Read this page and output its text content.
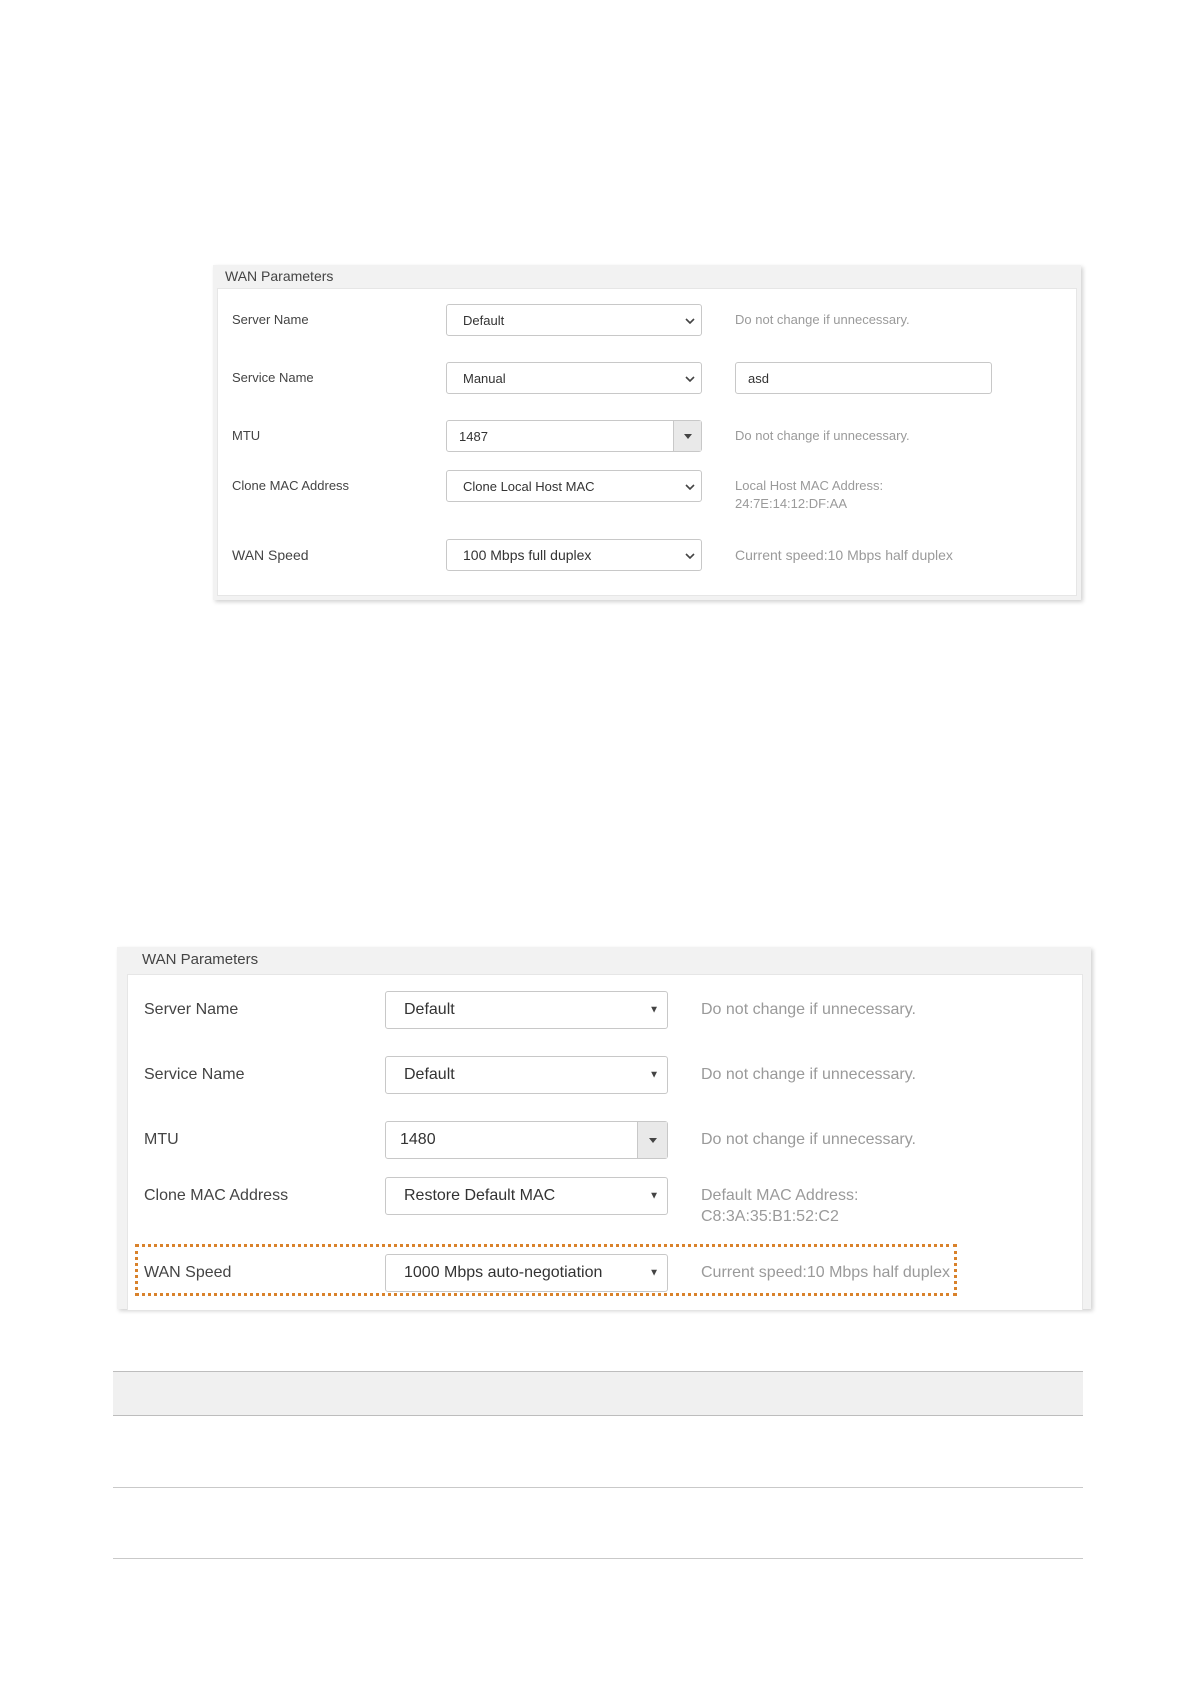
WAN Parameters
Server Name	Default	Do not change if unnecessary.
Service Name	Manual	asd
MTU	1487	Do not change if unnecessary.
Clone MAC Address	Clone Local Host MAC	Local Host MAC Address:
24:7E:14:12:DF:AA
WAN Speed	100 Mbps full duplex	Current speed:10 Mbps half duplex
WAN Parameters
Server Name	Default	▼	Do not change if unnecessary.
Service Name	Default	▼	Do not change if unnecessary.
MTU	1480	Do not change if unnecessary.
Clone MAC Address	Restore Default MAC	▼	Default MAC Address:
C8:3A:35:B1:52:C2
WAN Speed	1000 Mbps auto-negotiation	▼	Current speed:10 Mbps half duplex
